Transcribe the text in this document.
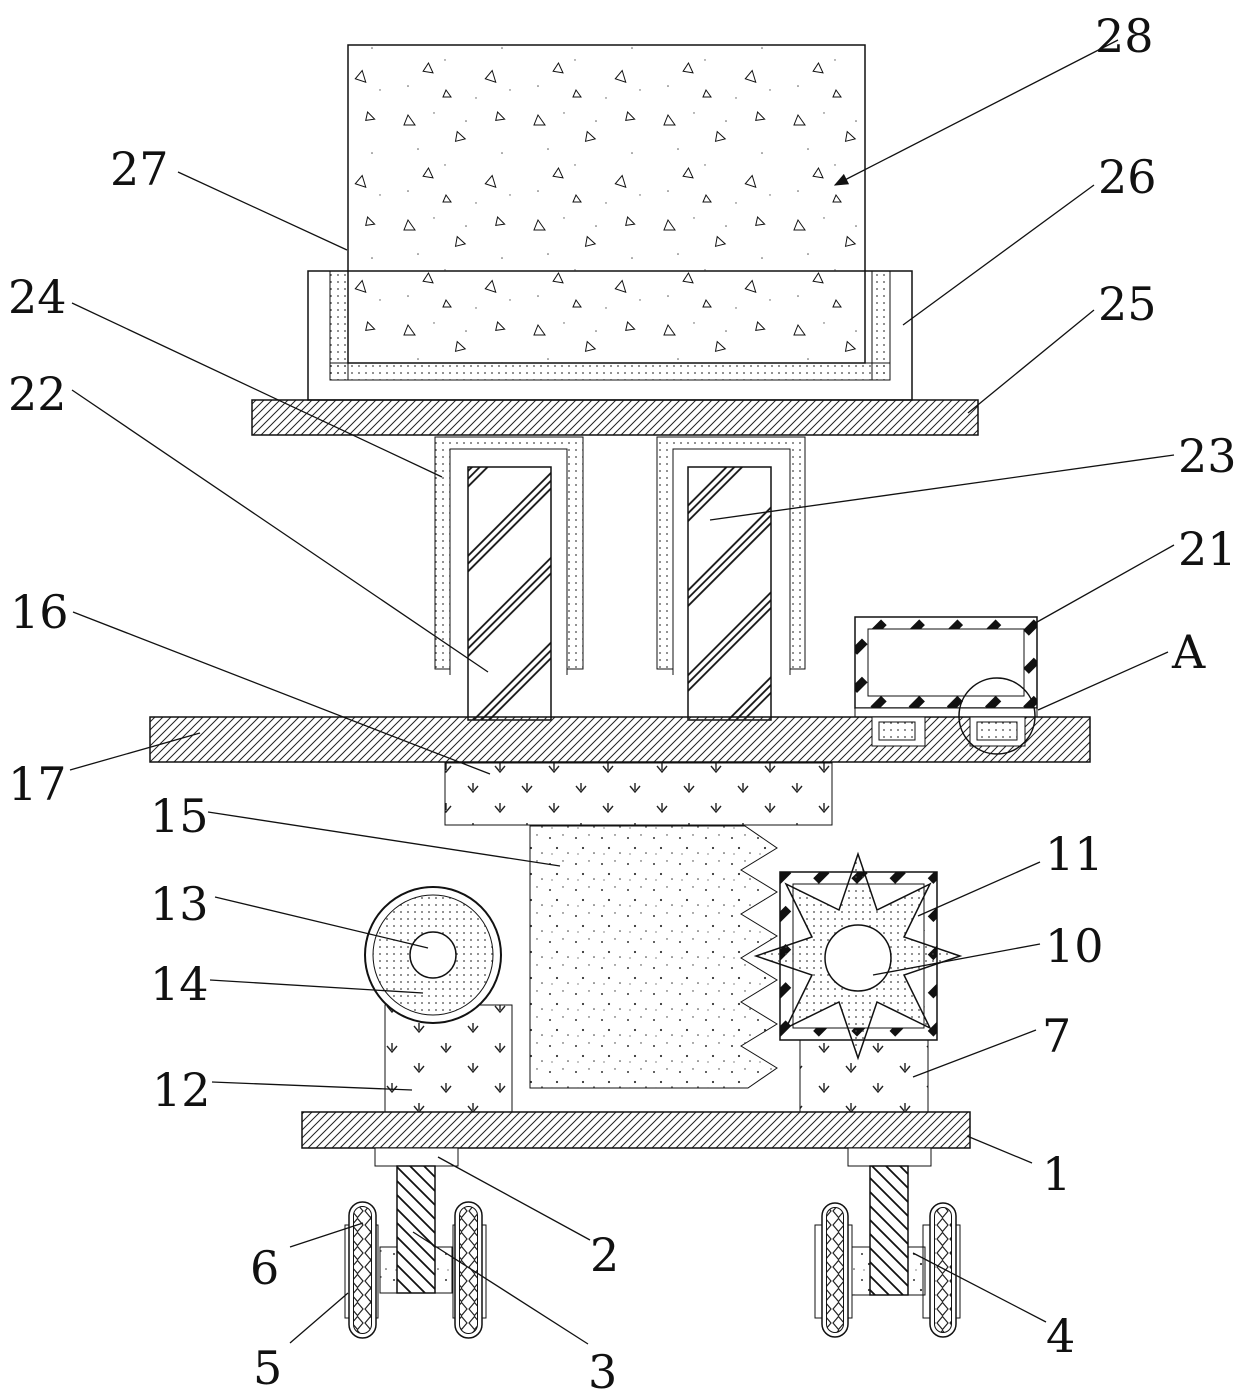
28
27	26
25
24
23
22
21
A
16
17
15
13
14
12
11
10
7
1
2
3
6
5
4
